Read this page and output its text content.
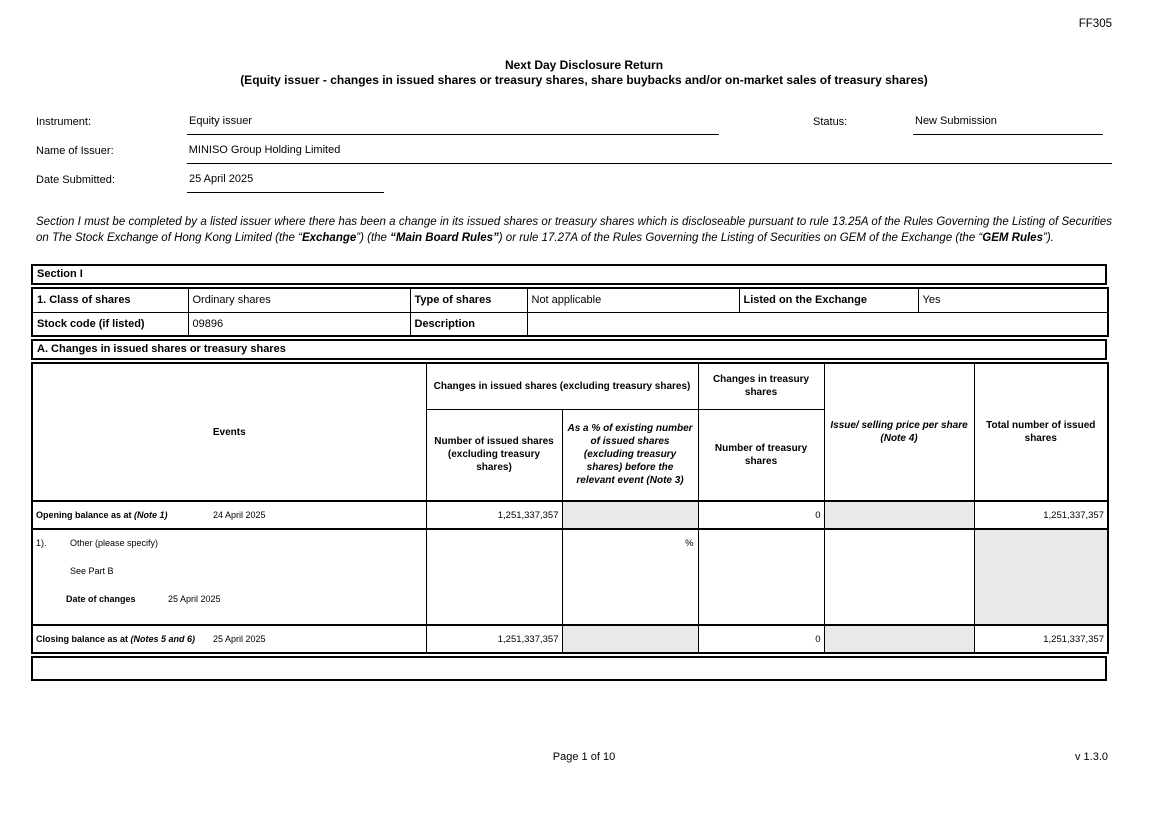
FF305
Next Day Disclosure Return
(Equity issuer - changes in issued shares or treasury shares, share buybacks and/or on-market sales of treasury shares)
Instrument:	Equity issuer	Status:	New Submission
Name of Issuer:	MINISO Group Holding Limited
Date Submitted:	25 April 2025

Section I must be completed by a listed issuer where there has been a change in its issued shares or treasury shares which is discloseable pursuant to rule 13.25A of the Rules Governing the Listing of Securities on The Stock Exchange of Hong Kong Limited (the “Exchange”) (the “Main Board Rules”) or rule 17.27A of the Rules Governing the Listing of Securities on GEM of the Exchange (the “GEM Rules”).

Section I
1. Class of shares	Ordinary shares	Type of shares	Not applicable	Listed on the Exchange	Yes
Stock code (if listed)	09896	Description			
A. Changes in issued shares or treasury shares
Events	Changes in issued shares (excluding treasury shares)		Changes in treasury shares	Issue/ selling price per share (Note 4)	Total number of issued shares
	Number of issued shares (excluding treasury shares)	As a % of existing number of issued shares (excluding treasury shares) before the relevant event (Note 3)	Number of treasury shares		
Opening balance as at (Note 1) 24 April 2025	1,251,337,357		0		1,251,337,357

1). Other (please specify)
See Part B
Date of changes 25 April 2025		%			
Closing balance as at (Notes 5 and 6) 25 April 2025	1,251,337,357		0		1,251,337,357
Page 1 of 10	v 1.3.0
